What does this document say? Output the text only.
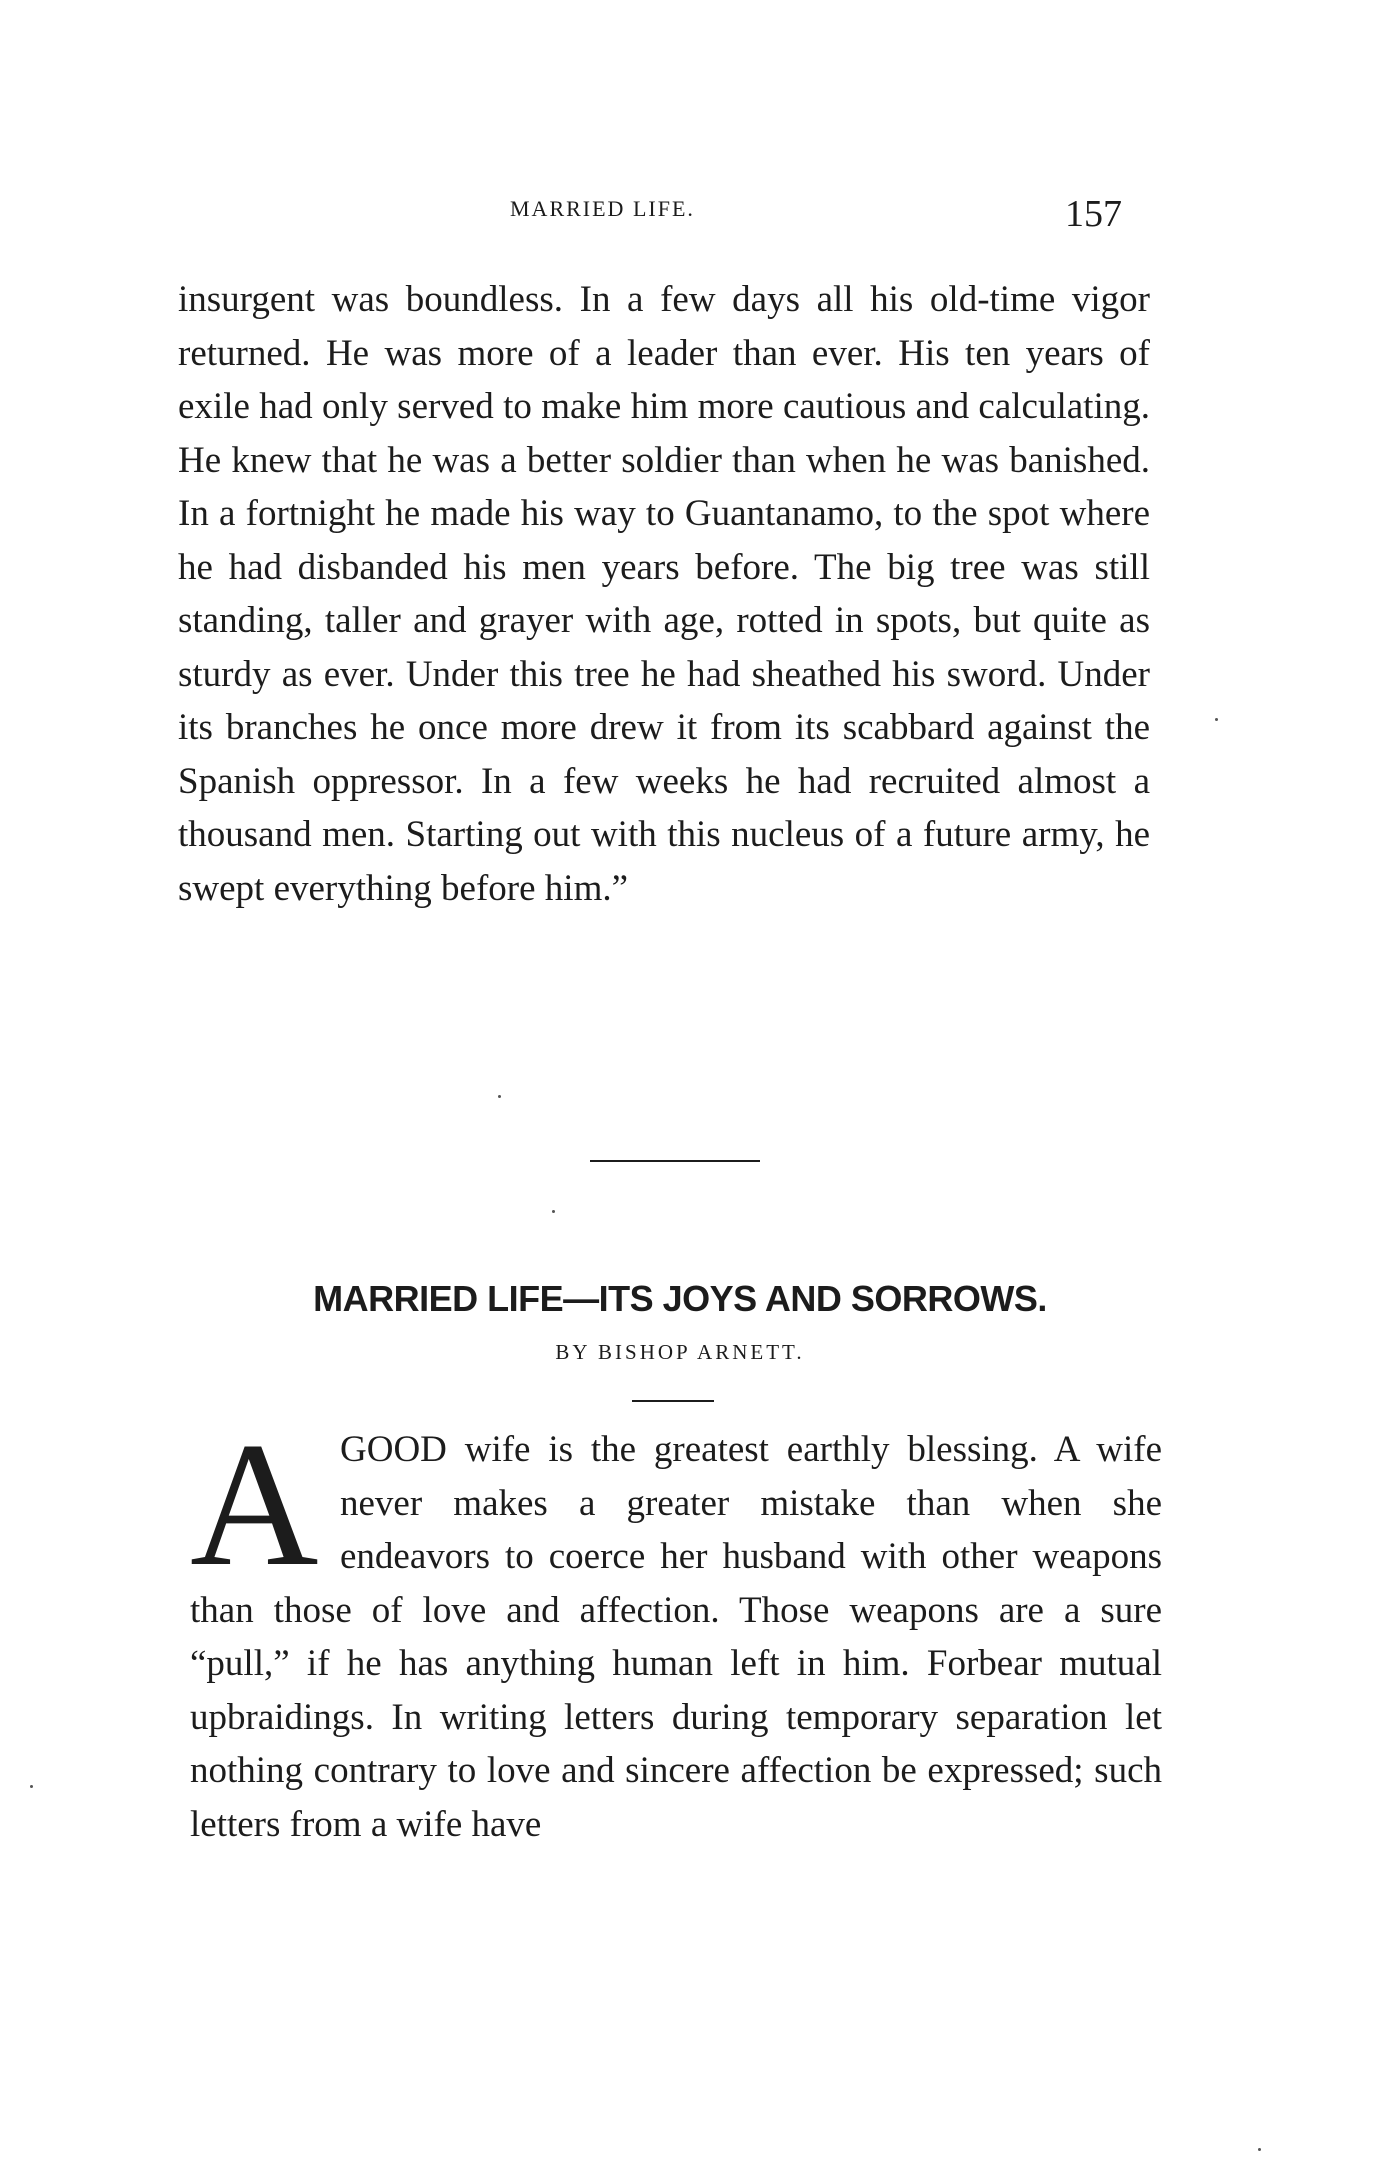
MARRIED LIFE.	157

insurgent was boundless. In a few days all his old-time vigor returned. He was more of a leader than ever. His ten years of exile had only served to make him more cautious and calculating. He knew that he was a better soldier than when he was banished. In a fortnight he made his way to Guantanamo, to the spot where he had disbanded his men years before. The big tree was still standing, taller and grayer with age, rotted in spots, but quite as sturdy as ever. Under this tree he had sheathed his sword. Under its branches he once more drew it from its scabbard against the Spanish oppressor. In a few weeks he had recruited almost a thousand men. Starting out with this nucleus of a future army, he swept everything before him.”

MARRIED LIFE—ITS JOYS AND SORROWS.

BY BISHOP ARNETT.

A GOOD wife is the greatest earthly blessing. A wife never makes a greater mistake than when she endeavors to coerce her husband with other weapons than those of love and affection. Those weapons are a sure “pull,” if he has anything human left in him. Forbear mutual upbraidings. In writing letters during temporary separation let nothing contrary to love and sincere affection be expressed; such letters from a wife have
